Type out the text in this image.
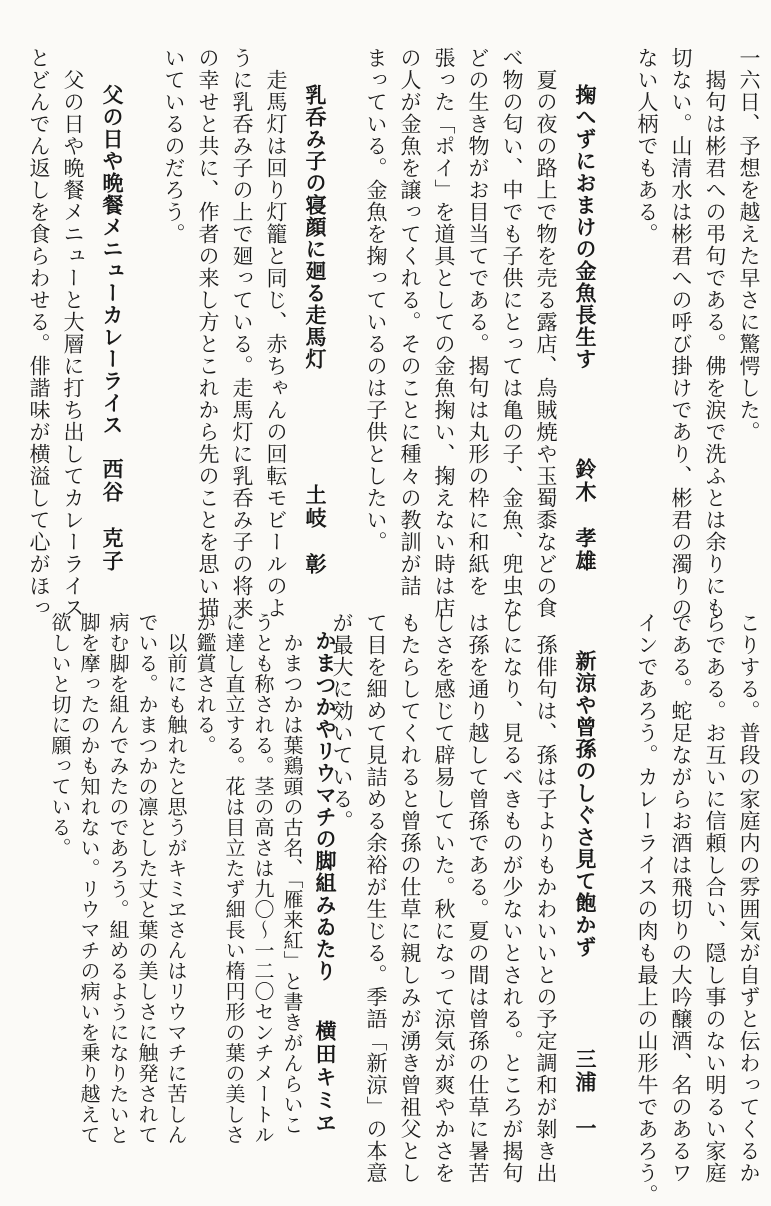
一六日、予想を越えた早さに驚愕した。
　揭句は彬君への弔句である。佛を涙で洗ふとは余りにも
切ない。山清水は彬君への呼び掛けであり、彬君の濁りの
ない人柄でもある。
掬へずにおまけの金魚長生す
鈴木　孝雄
　夏の夜の路上で物を売る露店、烏賊焼や玉蜀黍などの食
べ物の匂い、中でも子供にとっては亀の子、金魚、兜虫な
どの生き物がお目当てである。揭句は丸形の枠に和紙を
張った「ポイ」を道具としての金魚掬い、掬えない時は店
の人が金魚を譲ってくれる。そのことに種々の教訓が詰
まっている。金魚を掬っているのは子供としたい。
乳呑み子の寝顔に廻る走馬灯
土岐　彰
　走馬灯は回り灯籠と同じ、赤ちゃんの回転モビールのよ
うに乳呑み子の上で廻っている。走馬灯に乳呑み子の将来
の幸せと共に、作者の来し方とこれから先のことを思い描
いているのだろう。
父の日や晩餐メニューカレーライス
西谷　克子
　父の日や晩餐メニューと大層に打ち出してカレーライス
とどんでん返しを食らわせる。俳諧味が横溢して心がほっ
こりする。普段の家庭内の雰囲気が自ずと伝わってくるか
らである。お互いに信頼し合い、隠し事のない明るい家庭
である。蛇足ながらお酒は飛切りの大吟醸酒、名のあるワ
インであろう。カレーライスの肉も最上の山形牛であろう。
新涼や曾孫のしぐさ見て飽かず
三浦　一
　孫俳句は、孫は子よりもかわいいとの予定調和が剝き出
しになり、見るべきものが少ないとされる。ところが揭句
は孫を通り越して曾孫である。夏の間は曾孫の仕草に暑苦
しさを感じて辟易していた。秋になって涼気が爽やかさを
もたらしてくれると曾孫の仕草に親しみが湧き曾祖父とし
て目を細めて見詰める余裕が生じる。季語「新涼」の本意
が最大に効いている。
かまつかやリウマチの脚組みゐたり
横田キミヱ
　かまつかは葉鶏頭の古名、「雁来紅」と書きがんらいこ
うとも称される。茎の高さは九〇～一二〇センチメートル
に達し直立する。花は目立たず細長い楕円形の葉の美しさ
が鑑賞される。
　以前にも触れたと思うがキミヱさんはリウマチに苦しん
でいる。かまつかの凛とした丈と葉の美しさに触発されて
病む脚を組んでみたのであろう。組めるようになりたいと
脚を摩ったのかも知れない。リウマチの病いを乗り越えて
欲しいと切に願っている。
